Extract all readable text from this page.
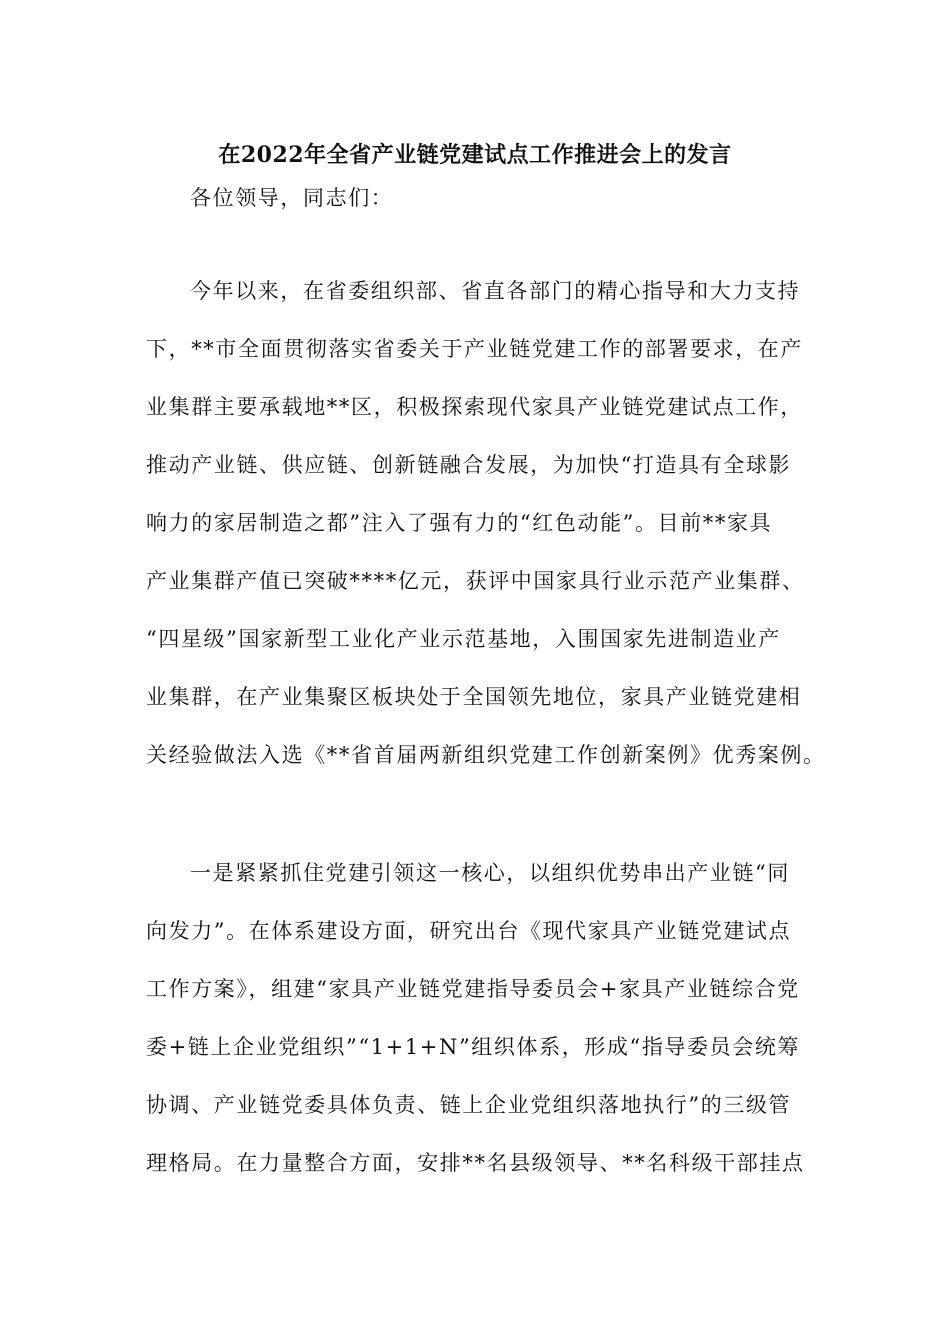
在2022年全省产业链党建试点工作推进会上的发言
各位领导，同志们：
今年以来，在省委组织部、省直各部门的精心指导和大力支持
下，**市全面贯彻落实省委关于产业链党建工作的部署要求，在产
业集群主要承载地**区，积极探索现代家具产业链党建试点工作，
推动产业链、供应链、创新链融合发展，为加快“打造具有全球影
响力的家居制造之都”注入了强有力的“红色动能”。目前**家具
产业集群产值已突破****亿元，获评中国家具行业示范产业集群、
“四星级”国家新型工业化产业示范基地，入围国家先进制造业产
业集群，在产业集聚区板块处于全国领先地位，家具产业链党建相
关经验做法入选《**省首届两新组织党建工作创新案例》优秀案例。
一是紧紧抓住党建引领这一核心，以组织优势串出产业链“同
向发力”。在体系建设方面，研究出台《现代家具产业链党建试点
工作方案》，组建“家具产业链党建指导委员会+家具产业链综合党
委+链上企业党组织”“1+1+N”组织体系，形成“指导委员会统筹
协调、产业链党委具体负责、链上企业党组织落地执行”的三级管
理格局。在力量整合方面，安排**名县级领导、**名科级干部挂点
